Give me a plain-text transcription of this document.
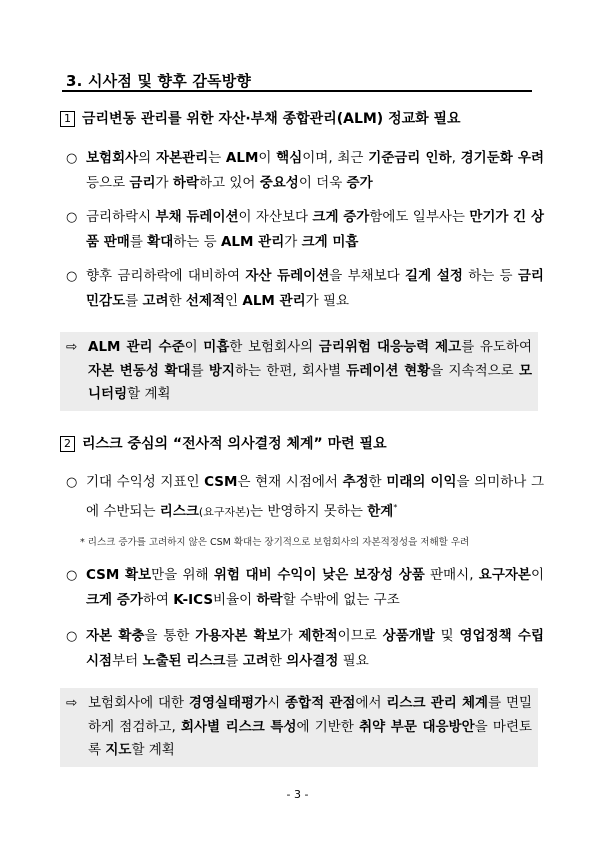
3. 시사점 및 향후 감독방향
1 금리변동 관리를 위한 자산·부채 종합관리(ALM) 정교화 필요
○ 보험회사의 자본관리는 ALM이 핵심이며, 최근 기준금리 인하, 경기둔화 우려 등으로 금리가 하락하고 있어 중요성이 더욱 증가
○ 금리하락시 부채 듀레이션이 자산보다 크게 증가함에도 일부사는 만기가 긴 상품 판매를 확대하는 등 ALM 관리가 크게 미흡
○ 향후 금리하락에 대비하여 자산 듀레이션을 부채보다 길게 설정 하는 등 금리 민감도를 고려한 선제적인 ALM 관리가 필요
⇨ ALM 관리 수준이 미흡한 보험회사의 금리위험 대응능력 제고를 유도하여 자본 변동성 확대를 방지하는 한편, 회사별 듀레이션 현황을 지속적으로 모니터링할 계획
2 리스크 중심의 “전사적 의사결정 체계” 마련 필요
○ 기대 수익성 지표인 CSM은 현재 시점에서 추정한 미래의 이익을 의미하나 그에 수반되는 리스크(요구자본)는 반영하지 못하는 한계*
* 리스크 증가를 고려하지 않은 CSM 확대는 장기적으로 보험회사의 자본적정성을 저해할 우려
○ CSM 확보만을 위해 위험 대비 수익이 낮은 보장성 상품 판매시, 요구자본이 크게 증가하여 K-ICS비율이 하락할 수밖에 없는 구조
○ 자본 확충을 통한 가용자본 확보가 제한적이므로 상품개발 및 영업정책 수립 시점부터 노출된 리스크를 고려한 의사결정 필요
⇨ 보험회사에 대한 경영실태평가시 종합적 관점에서 리스크 관리 체계를 면밀하게 점검하고, 회사별 리스크 특성에 기반한 취약 부문 대응방안을 마련토록 지도할 계획
- 3 -
